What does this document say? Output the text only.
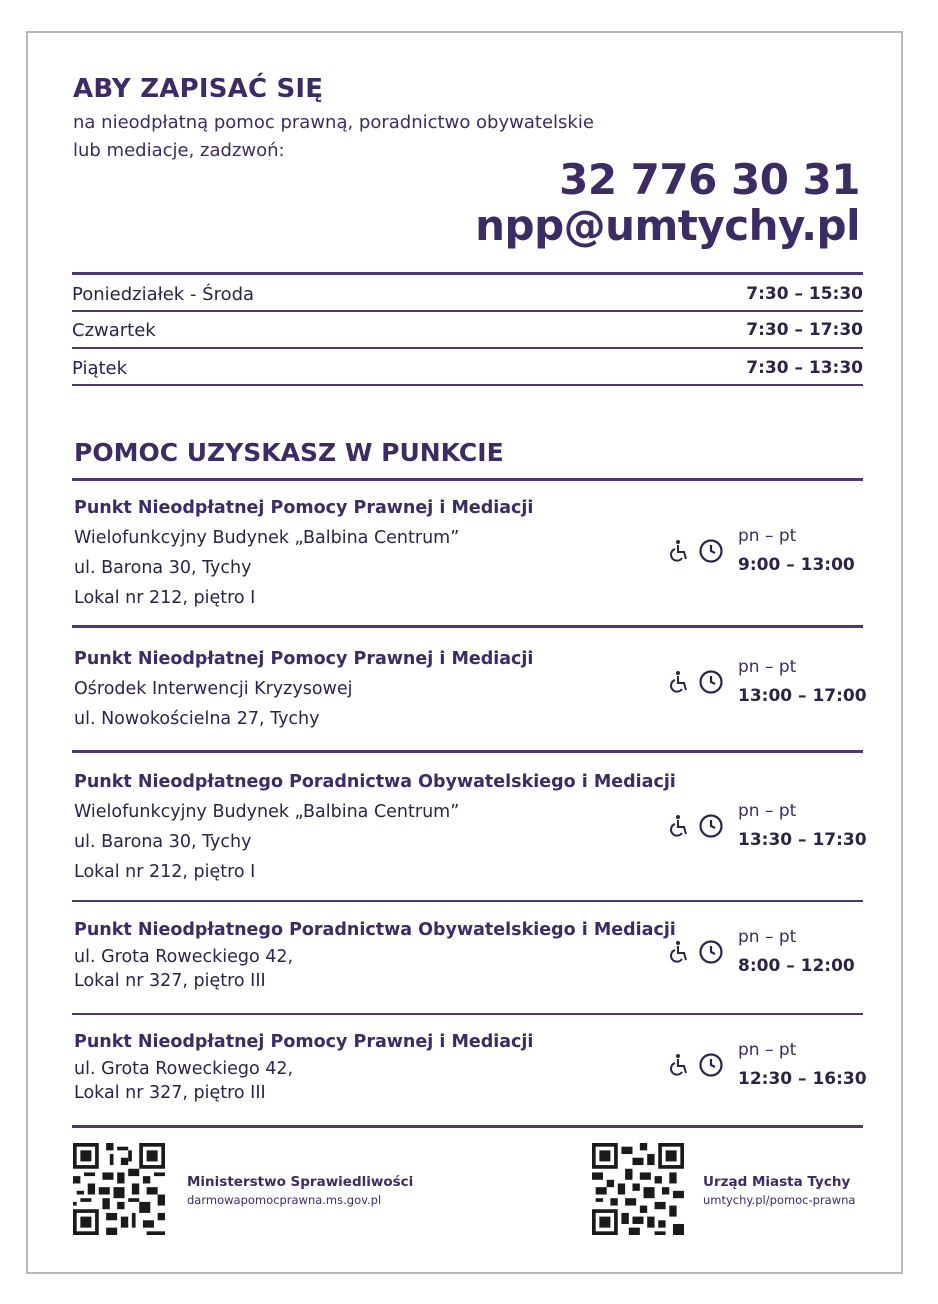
ABY ZAPISAĆ SIĘ
na nieodpłatną pomoc prawną, poradnictwo obywatelskie
lub mediacje, zadzwoń:
32 776 30 31
npp@umtychy.pl
Poniedziałek - Środa	7:30 – 15:30
Czwartek	7:30 – 17:30
Piątek	7:30 – 13:30
POMOC UZYSKASZ W PUNKCIE
Punkt Nieodpłatnej Pomocy Prawnej i Mediacji
Wielofunkcyjny Budynek „Balbina Centrum”
ul. Barona 30, Tychy
Lokal nr 212, piętro I
pn – pt
9:00 – 13:00
Punkt Nieodpłatnej Pomocy Prawnej i Mediacji
Ośrodek Interwencji Kryzysowej
ul. Nowokościelna 27, Tychy
pn – pt
13:00 – 17:00
Punkt Nieodpłatnego Poradnictwa Obywatelskiego i Mediacji
Wielofunkcyjny Budynek „Balbina Centrum”
ul. Barona 30, Tychy
Lokal nr 212, piętro I
pn – pt
13:30 – 17:30
Punkt Nieodpłatnego Poradnictwa Obywatelskiego i Mediacji
ul. Grota Roweckiego 42,
Lokal nr 327, piętro III
pn – pt
8:00 – 12:00
Punkt Nieodpłatnej Pomocy Prawnej i Mediacji
ul. Grota Roweckiego 42,
Lokal nr 327, piętro III
pn – pt
12:30 – 16:30
Ministerstwo Sprawiedliwości
darmowapomocprawna.ms.gov.pl
Urząd Miasta Tychy
umtychy.pl/pomoc-prawna
